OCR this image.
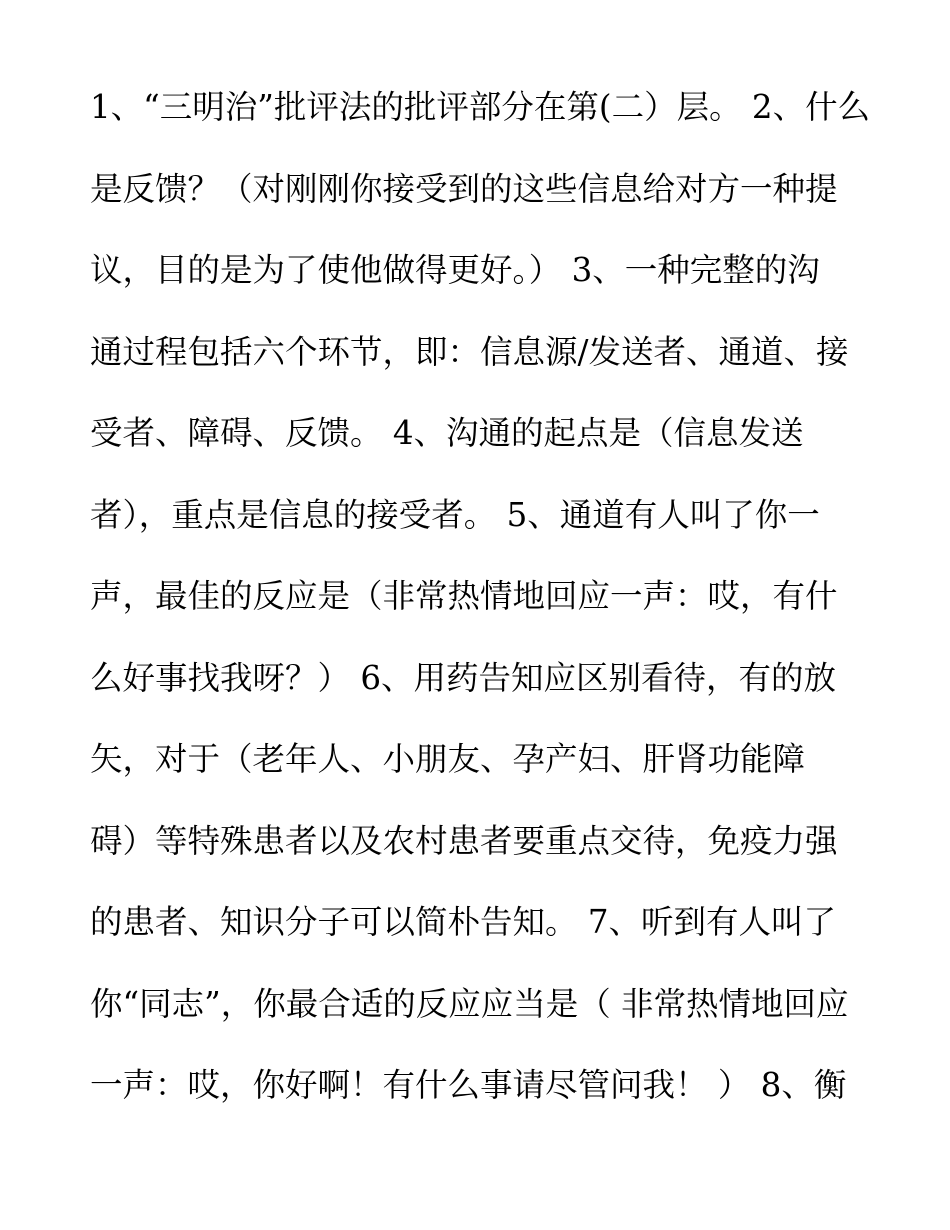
1、“三明治”批评法的批评部分在第(二）层。 2、什么
是反馈？（对刚刚你接受到的这些信息给对方一种提
议，目的是为了使他做得更好。） 3、一种完整的沟
通过程包括六个环节，即：信息源/发送者、通道、接
受者、障碍、反馈。 4、沟通的起点是（信息发送
者），重点是信息的接受者。 5、通道有人叫了你一
声，最佳的反应是（非常热情地回应一声：哎，有什
么好事找我呀？） 6、用药告知应区别看待，有的放
矢，对于（老年人、小朋友、孕产妇、肝肾功能障
碍）等特殊患者以及农村患者要重点交待，免疫力强
的患者、知识分子可以简朴告知。 7、听到有人叫了
你“同志”，你最合适的反应应当是（ 非常热情地回应
一声：哎，你好啊！有什么事请尽管问我！ ） 8、衡
